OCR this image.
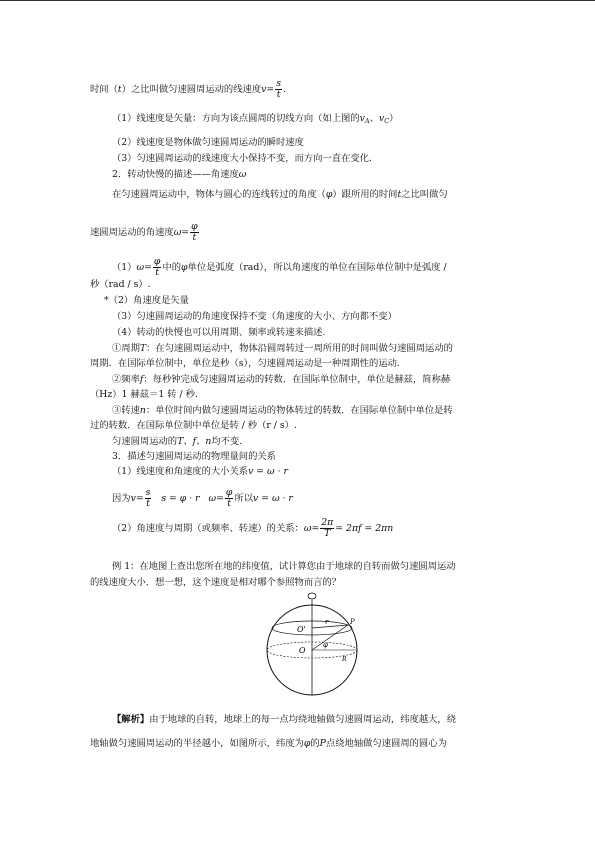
时间（t）之比叫做匀速圆周运动的线速度$v= \frac{s}{t}$ .
（1）线速度是矢量：方向为该点圆周的切线方向（如上图的$v_A$、$v_C$）
（2）线速度是物体做匀速圆周运动的瞬时速度
（3）匀速圆周运动的线速度大小保持不变，而方向一直在变化.
2．转动快慢的描述——角速度ω
在匀速圆周运动中，物体与圆心的连线转过的角度（φ）跟所用的时间t之比叫做匀
速圆周运动的角速度$\omega= \frac{\varphi}{t}$
$(1)\omega= \frac{\varphi}{t}$ 中的φ单位是弧度（rad），所以角速度的单位在国际单位制中是弧度 /
秒（rad / s）.
*（2）角速度是矢量
（3）匀速圆周运动的角速度保持不变（角速度的大小、方向都不变）
（4）转动的快慢也可以用周期、频率或转速来描述.
①周期T：在匀速圆周运动中，物体沿圆周转过一周所用的时间叫做匀速圆周运动的
周期．在国际单位制中，单位是秒（s），匀速圆周运动是一种周期性的运动.
②频率f：每秒钟完成匀速圆周运动的转数．在国际单位制中，单位是赫兹，简称赫
（Hz）1 赫兹＝1 转 / 秒.
③转速n：单位时间内做匀速圆周运动的物体转过的转数．在国际单位制中单位是转
过的转数．在国际单位制中单位是转 / 秒（r / s）.
匀速圆周运动的T、f、n均不变.
3．描述匀速圆周运动的物理量间的关系
（1）线速度和角速度的大小关系v = ω · r
因为$v= \frac{s}{t}$ s = φ · r $\omega= \frac{\varphi}{t}$ 所以v = ω · r
（2）角速度与周期（或频率、转速）的关系：$\omega= \frac{2\pi}{T} = 2\pi f = 2\pi n$
例 1：在地图上查出您所在地的纬度值，试计算您由于地球的自转而做匀速圆周运动
的线速度大小．想一想，这个速度是相对哪个参照物而言的？
O'
O
r	P
φ
R
【解析】由于地球的自转，地球上的每一点均绕地轴做匀速圆周运动，纬度越大，绕
地轴做匀速圆周运动的半径越小，如图所示，纬度为φ的P点绕地轴做匀速圆周的圆心为
